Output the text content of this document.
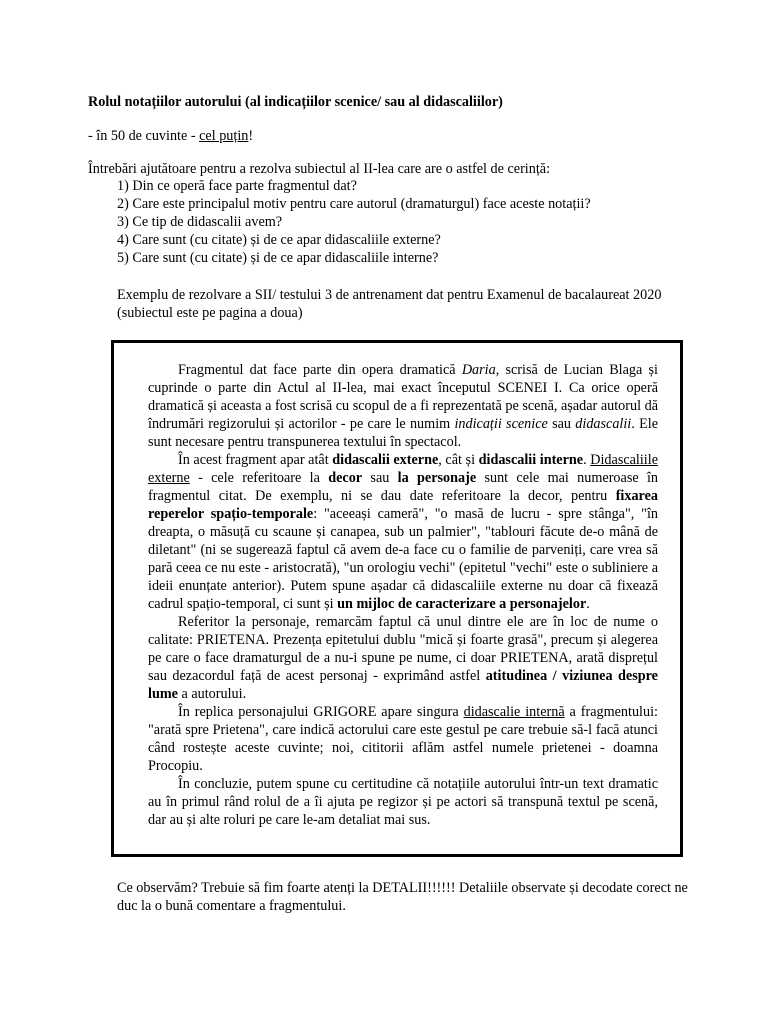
Rolul notațiilor autorului (al indicațiilor scenice/ sau al didascaliilor)
- în 50 de cuvinte - cel puțin!
Întrebări ajutătoare pentru a rezolva subiectul al II-lea care are o astfel de cerință:
1) Din ce operă face parte fragmentul dat?
2) Care este principalul motiv pentru care autorul (dramaturgul) face aceste notații?
3) Ce tip de didascalii avem?
4) Care sunt (cu citate) și de ce apar didascaliile externe?
5) Care sunt (cu citate) și de ce apar didascaliile interne?
Exemplu de rezolvare a SII/ testului 3 de antrenament dat pentru Examenul de bacalaureat 2020 (subiectul este pe pagina a doua)

Fragmentul dat face parte din opera dramatică Daria, scrisă de Lucian Blaga și cuprinde o parte din Actul al II-lea, mai exact începutul SCENEI I. Ca orice operă dramatică și aceasta a fost scrisă cu scopul de a fi reprezentată pe scenă, așadar autorul dă îndrumări regizorului și actorilor - pe care le numim indicații scenice sau didascalii. Ele sunt necesare pentru transpunerea textului în spectacol.

În acest fragment apar atât didascalii externe, cât și didascalii interne. Didascaliile externe - cele referitoare la decor sau la personaje sunt cele mai numeroase în fragmentul citat. De exemplu, ni se dau date referitoare la decor, pentru fixarea reperelor spațio-temporale: "aceeași cameră", "o masă de lucru - spre stânga", "în dreapta, o măsuță cu scaune și canapea, sub un palmier", "tablouri făcute de-o mână de diletant" (ni se sugerează faptul că avem de-a face cu o familie de parveniți, care vrea să pară ceea ce nu este - aristocrată), "un orologiu vechi" (epitetul "vechi" este o subliniere a ideii enunțate anterior). Putem spune așadar că didascaliile externe nu doar că fixează cadrul spațio-temporal, ci sunt și un mijloc de caracterizare a personajelor.

Referitor la personaje, remarcăm faptul că unul dintre ele are în loc de nume o calitate: PRIETENA. Prezența epitetului dublu "mică și foarte grasă", precum și alegerea pe care o face dramaturgul de a nu-i spune pe nume, ci doar PRIETENA, arată disprețul sau dezacordul față de acest personaj - exprimând astfel atitudinea / viziunea despre lume a autorului.

În replica personajului GRIGORE apare singura didascalie internă a fragmentului: "arată spre Prietena", care indică actorului care este gestul pe care trebuie să-l facă atunci când rostește aceste cuvinte; noi, cititorii aflăm astfel numele prietenei - doamna Procopiu.

În concluzie, putem spune cu certitudine că notațiile autorului într-un text dramatic au în primul rând rolul de a îi ajuta pe regizor și pe actori să transpună textul pe scenă, dar au și alte roluri pe care le-am detaliat mai sus.

Ce observăm? Trebuie să fim foarte atenți la DETALII!!!!!! Detaliile observate și decodate corect ne duc la o bună comentare a fragmentului.
